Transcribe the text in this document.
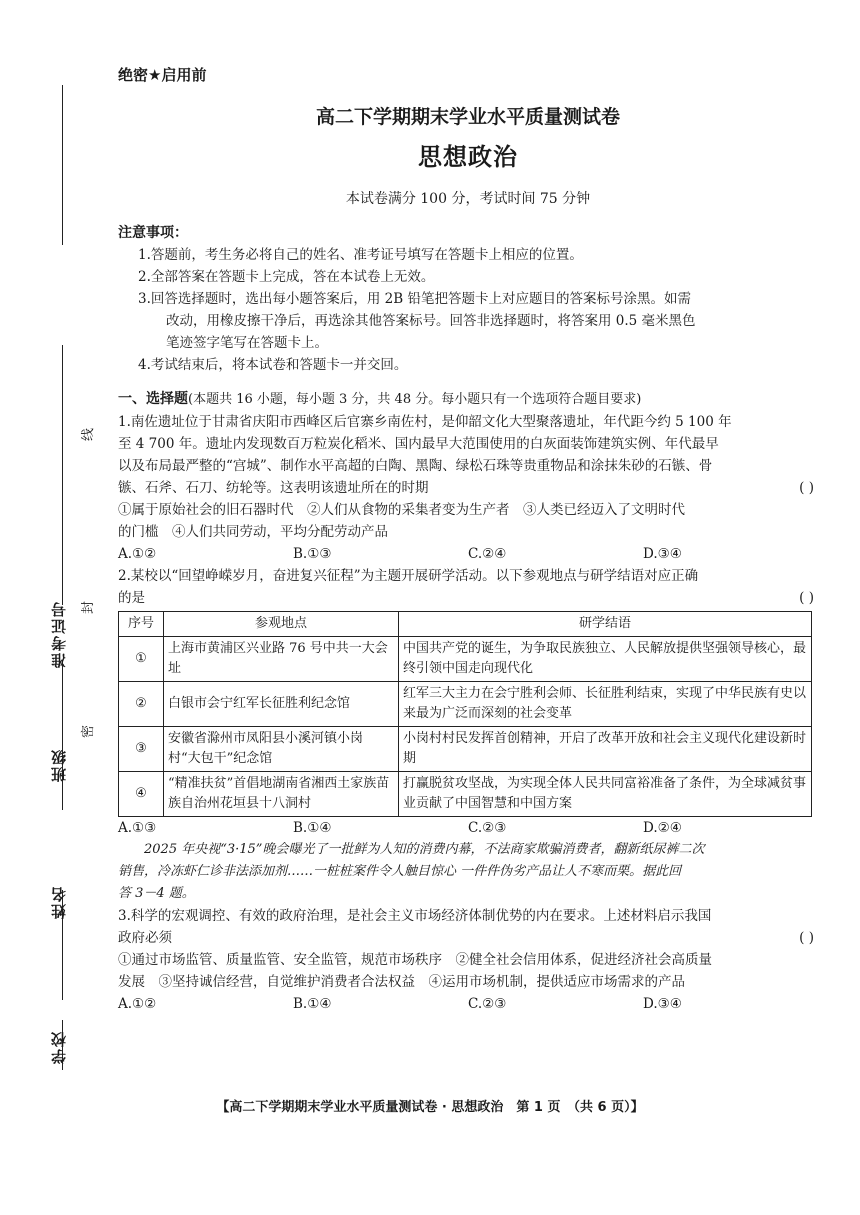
学校
姓名
班级
准考证号
线
封
密
绝密★启用前
高二下学期期末学业水平质量测试卷
思想政治
本试卷满分 100 分，考试时间 75 分钟
注意事项：
1.答题前，考生务必将自己的姓名、准考证号填写在答题卡上相应的位置。
2.全部答案在答题卡上完成，答在本试卷上无效。
3.回答选择题时，选出每小题答案后，用 2B 铅笔把答题卡上对应题目的答案标号涂黑。如需
改动，用橡皮擦干净后，再选涂其他答案标号。回答非选择题时，将答案用 0.5 毫米黑色
笔迹签字笔写在答题卡上。
4.考试结束后，将本试卷和答题卡一并交回。
一、选择题(本题共 16 小题，每小题 3 分，共 48 分。每小题只有一个选项符合题目要求)
1.南佐遗址位于甘肃省庆阳市西峰区后官寨乡南佐村，是仰韶文化大型聚落遗址，年代距今约 5 100 年
至 4 700 年。遗址内发现数百万粒炭化稻米、国内最早大范围使用的白灰面装饰建筑实例、年代最早
以及布局最严整的“宫城”、制作水平高超的白陶、黑陶、绿松石珠等贵重物品和涂抹朱砂的石镞、骨
镞、石斧、石刀、纺轮等。这表明该遗址所在的时期	( )
①属于原始社会的旧石器时代　②人们从食物的采集者变为生产者　③人类已经迈入了文明时代
的门槛　④人们共同劳动，平均分配劳动产品
A.①②	B.①③	C.②④	D.③④
2.某校以“回望峥嵘岁月，奋进复兴征程”为主题开展研学活动。以下参观地点与研学结语对应正确
的是	( )
序号	参观地点	研学结语
①	上海市黄浦区兴业路 76 号中共一大会址	中国共产党的诞生，为争取民族独立、人民解放提供坚强领导核心，最终引领中国走向现代化
②	白银市会宁红军长征胜利纪念馆	红军三大主力在会宁胜利会师、长征胜利结束，实现了中华民族有史以来最为广泛而深刻的社会变革
③	安徽省滁州市凤阳县小溪河镇小岗村“大包干”纪念馆	小岗村村民发挥首创精神，开启了改革开放和社会主义现代化建设新时期
④	“精准扶贫”首倡地湖南省湘西土家族苗族自治州花垣县十八洞村	打赢脱贫攻坚战，为实现全体人民共同富裕准备了条件，为全球减贫事业贡献了中国智慧和中国方案
A.①③	B.①④	C.②③	D.②④
2025 年央视“3·15”晚会曝光了一批鲜为人知的消费内幕，不法商家欺骗消费者，翻新纸尿裤二次
销售，冷冻虾仁诊非法添加剂……一桩桩案件令人触目惊心 一件件伪劣产品让人不寒而栗。据此回
答 3－4 题。
3.科学的宏观调控、有效的政府治理，是社会主义市场经济体制优势的内在要求。上述材料启示我国
政府必须	( )
①通过市场监管、质量监管、安全监管，规范市场秩序　②健全社会信用体系，促进经济社会高质量
发展　③坚持诚信经营，自觉维护消费者合法权益　④运用市场机制，提供适应市场需求的产品
A.①②	B.①④	C.②③	D.③④
【高二下学期期末学业水平质量测试卷 · 思想政治　第 1 页　（共 6 页）】
